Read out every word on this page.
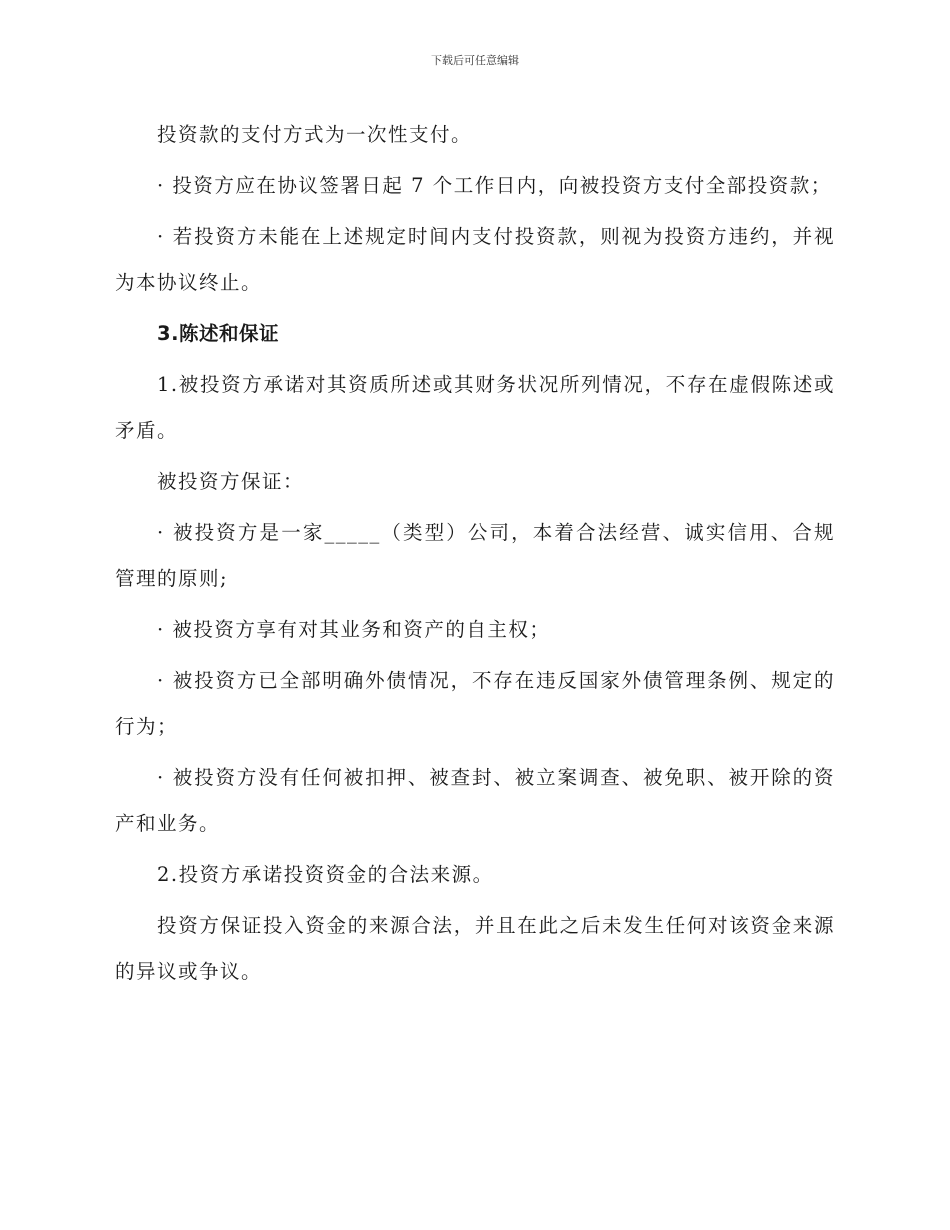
下载后可任意编辑

投资款的支付方式为一次性支付。

· 投资方应在协议签署日起 7 个工作日内，向被投资方支付全部投资款；

· 若投资方未能在上述规定时间内支付投资款，则视为投资方违约，并视为本协议终止。

3.陈述和保证

1.被投资方承诺对其资质所述或其财务状况所列情况，不存在虚假陈述或矛盾。

被投资方保证：

· 被投资方是一家_____（类型）公司，本着合法经营、诚实信用、合规管理的原则;

· 被投资方享有对其业务和资产的自主权；

· 被投资方已全部明确外债情况，不存在违反国家外债管理条例、规定的行为；

· 被投资方没有任何被扣押、被查封、被立案调查、被免职、被开除的资产和业务。

2.投资方承诺投资资金的合法来源。

投资方保证投入资金的来源合法，并且在此之后未发生任何对该资金来源的异议或争议。
